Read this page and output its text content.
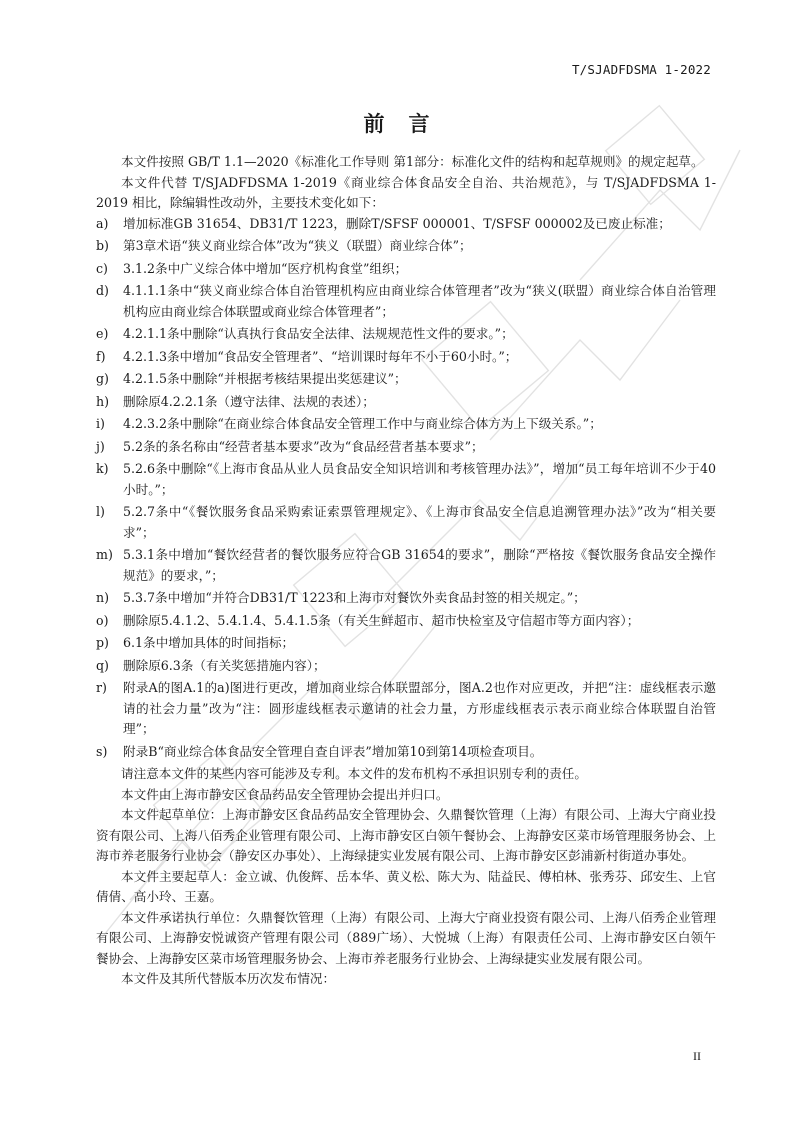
T/SJADFDSMA 1-2022
前言

本文件按照 GB/T 1.1—2020《标准化工作导则 第1部分：标准化文件的结构和起草规则》的规定起草。

本文件代替 T/SJADFDSMA 1-2019《商业综合体食品安全自治、共治规范》，与 T/SJADFDSMA 1-2019 相比，除编辑性改动外，主要技术变化如下：

a)	增加标准GB 31654、DB31/T 1223，删除T/SFSF 000001、T/SFSF 000002及已废止标准；
b)	第3章术语“狭义商业综合体”改为“狭义（联盟）商业综合体”；
c)	3.1.2条中广义综合体中增加“医疗机构食堂”组织；
d)	4.1.1.1条中“狭义商业综合体自治管理机构应由商业综合体管理者”改为“狭义(联盟）商业综合体自治管理机构应由商业综合体联盟或商业综合体管理者”；
e)	4.2.1.1条中删除“认真执行食品安全法律、法规规范性文件的要求。”；
f)	4.2.1.3条中增加“食品安全管理者”、“培训课时每年不小于60小时。”；
g)	4.2.1.5条中删除“并根据考核结果提出奖惩建议”；
h)	删除原4.2.2.1条（遵守法律、法规的表述）；
i)	4.2.3.2条中删除“在商业综合体食品安全管理工作中与商业综合体方为上下级关系。”；
j)	5.2条的条名称由“经营者基本要求”改为“食品经营者基本要求”；
k)	5.2.6条中删除“《上海市食品从业人员食品安全知识培训和考核管理办法》”，增加“员工每年培训不少于40小时。”；
l)	5.2.7条中“《餐饮服务食品采购索证索票管理规定》、《上海市食品安全信息追溯管理办法》”改为“相关要求”；
m) 5.3.1条中增加“餐饮经营者的餐饮服务应符合GB 31654的要求”，删除“严格按《餐饮服务食品安全操作规范》的要求，”；
n)	5.3.7条中增加“并符合DB31/T 1223和上海市对餐饮外卖食品封签的相关规定。”；
o)	删除原5.4.1.2、5.4.1.4、5.4.1.5条（有关生鲜超市、超市快检室及守信超市等方面内容）；
p)	6.1条中增加具体的时间指标；
q)	删除原6.3条（有关奖惩措施内容）；
r)	附录A的图A.1的a)图进行更改，增加商业综合体联盟部分，图A.2也作对应更改，并把“注：虚线框表示邀请的社会力量”改为“注：圆形虚线框表示邀请的社会力量，方形虚线框表示表示商业综合体联盟自治管理”；
s)	附录B“商业综合体食品安全管理自查自评表”增加第10到第14项检查项目。

请注意本文件的某些内容可能涉及专利。本文件的发布机构不承担识别专利的责任。

本文件由上海市静安区食品药品安全管理协会提出并归口。

本文件起草单位：上海市静安区食品药品安全管理协会、久鼎餐饮管理（上海）有限公司、上海大宁商业投资有限公司、上海八佰秀企业管理有限公司、上海市静安区白领午餐协会、上海静安区菜市场管理服务协会、上海市养老服务行业协会（静安区办事处）、上海绿捷实业发展有限公司、上海市静安区彭浦新村街道办事处。

本文件主要起草人：金立诚、仇俊辉、岳本华、黄义松、陈大为、陆益民、傅柏林、张秀芬、邱安生、上官倩倩、高小玲、王嘉。

本文件承诺执行单位：久鼎餐饮管理（上海）有限公司、上海大宁商业投资有限公司、上海八佰秀企业管理有限公司、上海静安悦诚资产管理有限公司（889广场）、大悦城（上海）有限责任公司、上海市静安区白领午餐协会、上海静安区菜市场管理服务协会、上海市养老服务行业协会、上海绿捷实业发展有限公司。

本文件及其所代替版本历次发布情况：

II
